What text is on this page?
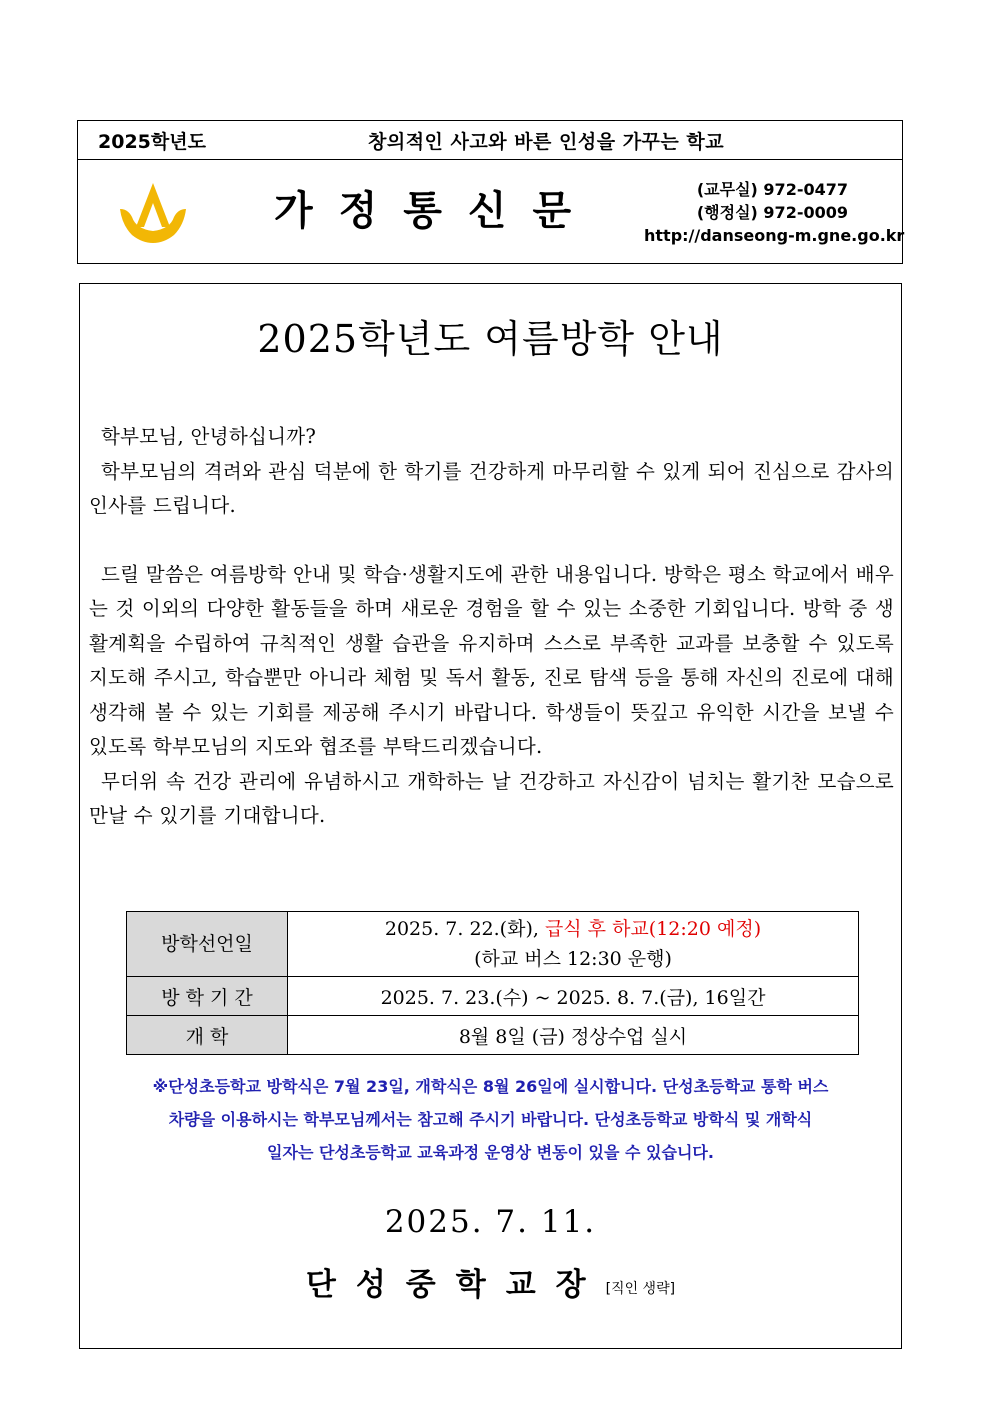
2025학년도	창의적인 사고와 바른 인성을 가꾸는 학교
가정통신문	(교무실) 972-0477
(행정실) 972-0009
http://danseong-m.gne.go.kr
2025학년도 여름방학 안내

학부모님, 안녕하십니까?

학부모님의 격려와 관심 덕분에 한 학기를 건강하게 마무리할 수 있게 되어 진심으로 감사의 인사를 드립니다.

드릴 말씀은 여름방학 안내 및 학습·생활지도에 관한 내용입니다. 방학은 평소 학교에서 배우는 것 이외의 다양한 활동들을 하며 새로운 경험을 할 수 있는 소중한 기회입니다. 방학 중 생활계획을 수립하여 규칙적인 생활 습관을 유지하며 스스로 부족한 교과를 보충할 수 있도록 지도해 주시고, 학습뿐만 아니라 체험 및 독서 활동, 진로 탐색 등을 통해 자신의 진로에 대해 생각해 볼 수 있는 기회를 제공해 주시기 바랍니다. 학생들이 뜻깊고 유익한 시간을 보낼 수 있도록 학부모님의 지도와 협조를 부탁드리겠습니다.

무더위 속 건강 관리에 유념하시고 개학하는 날 건강하고 자신감이 넘치는 활기찬 모습으로 만날 수 있기를 기대합니다.

방학선언일	2025. 7. 22.(화), 급식 후 하교(12:20 예정)
(하교 버스 12:30 운행)

방 학 기 간	2025. 7. 23.(수) ~ 2025. 8. 7.(금), 16일간
개 학	8월 8일 (금) 정상수업 실시
※단성초등학교 방학식은 7월 23일, 개학식은 8월 26일에 실시합니다. 단성초등학교 통학 버스
차량을 이용하시는 학부모님께서는 참고해 주시기 바랍니다. 단성초등학교 방학식 및 개학식
일자는 단성초등학교 교육과정 운영상 변동이 있을 수 있습니다.
2025. 7. 11.
단성중학교장[직인 생략]
